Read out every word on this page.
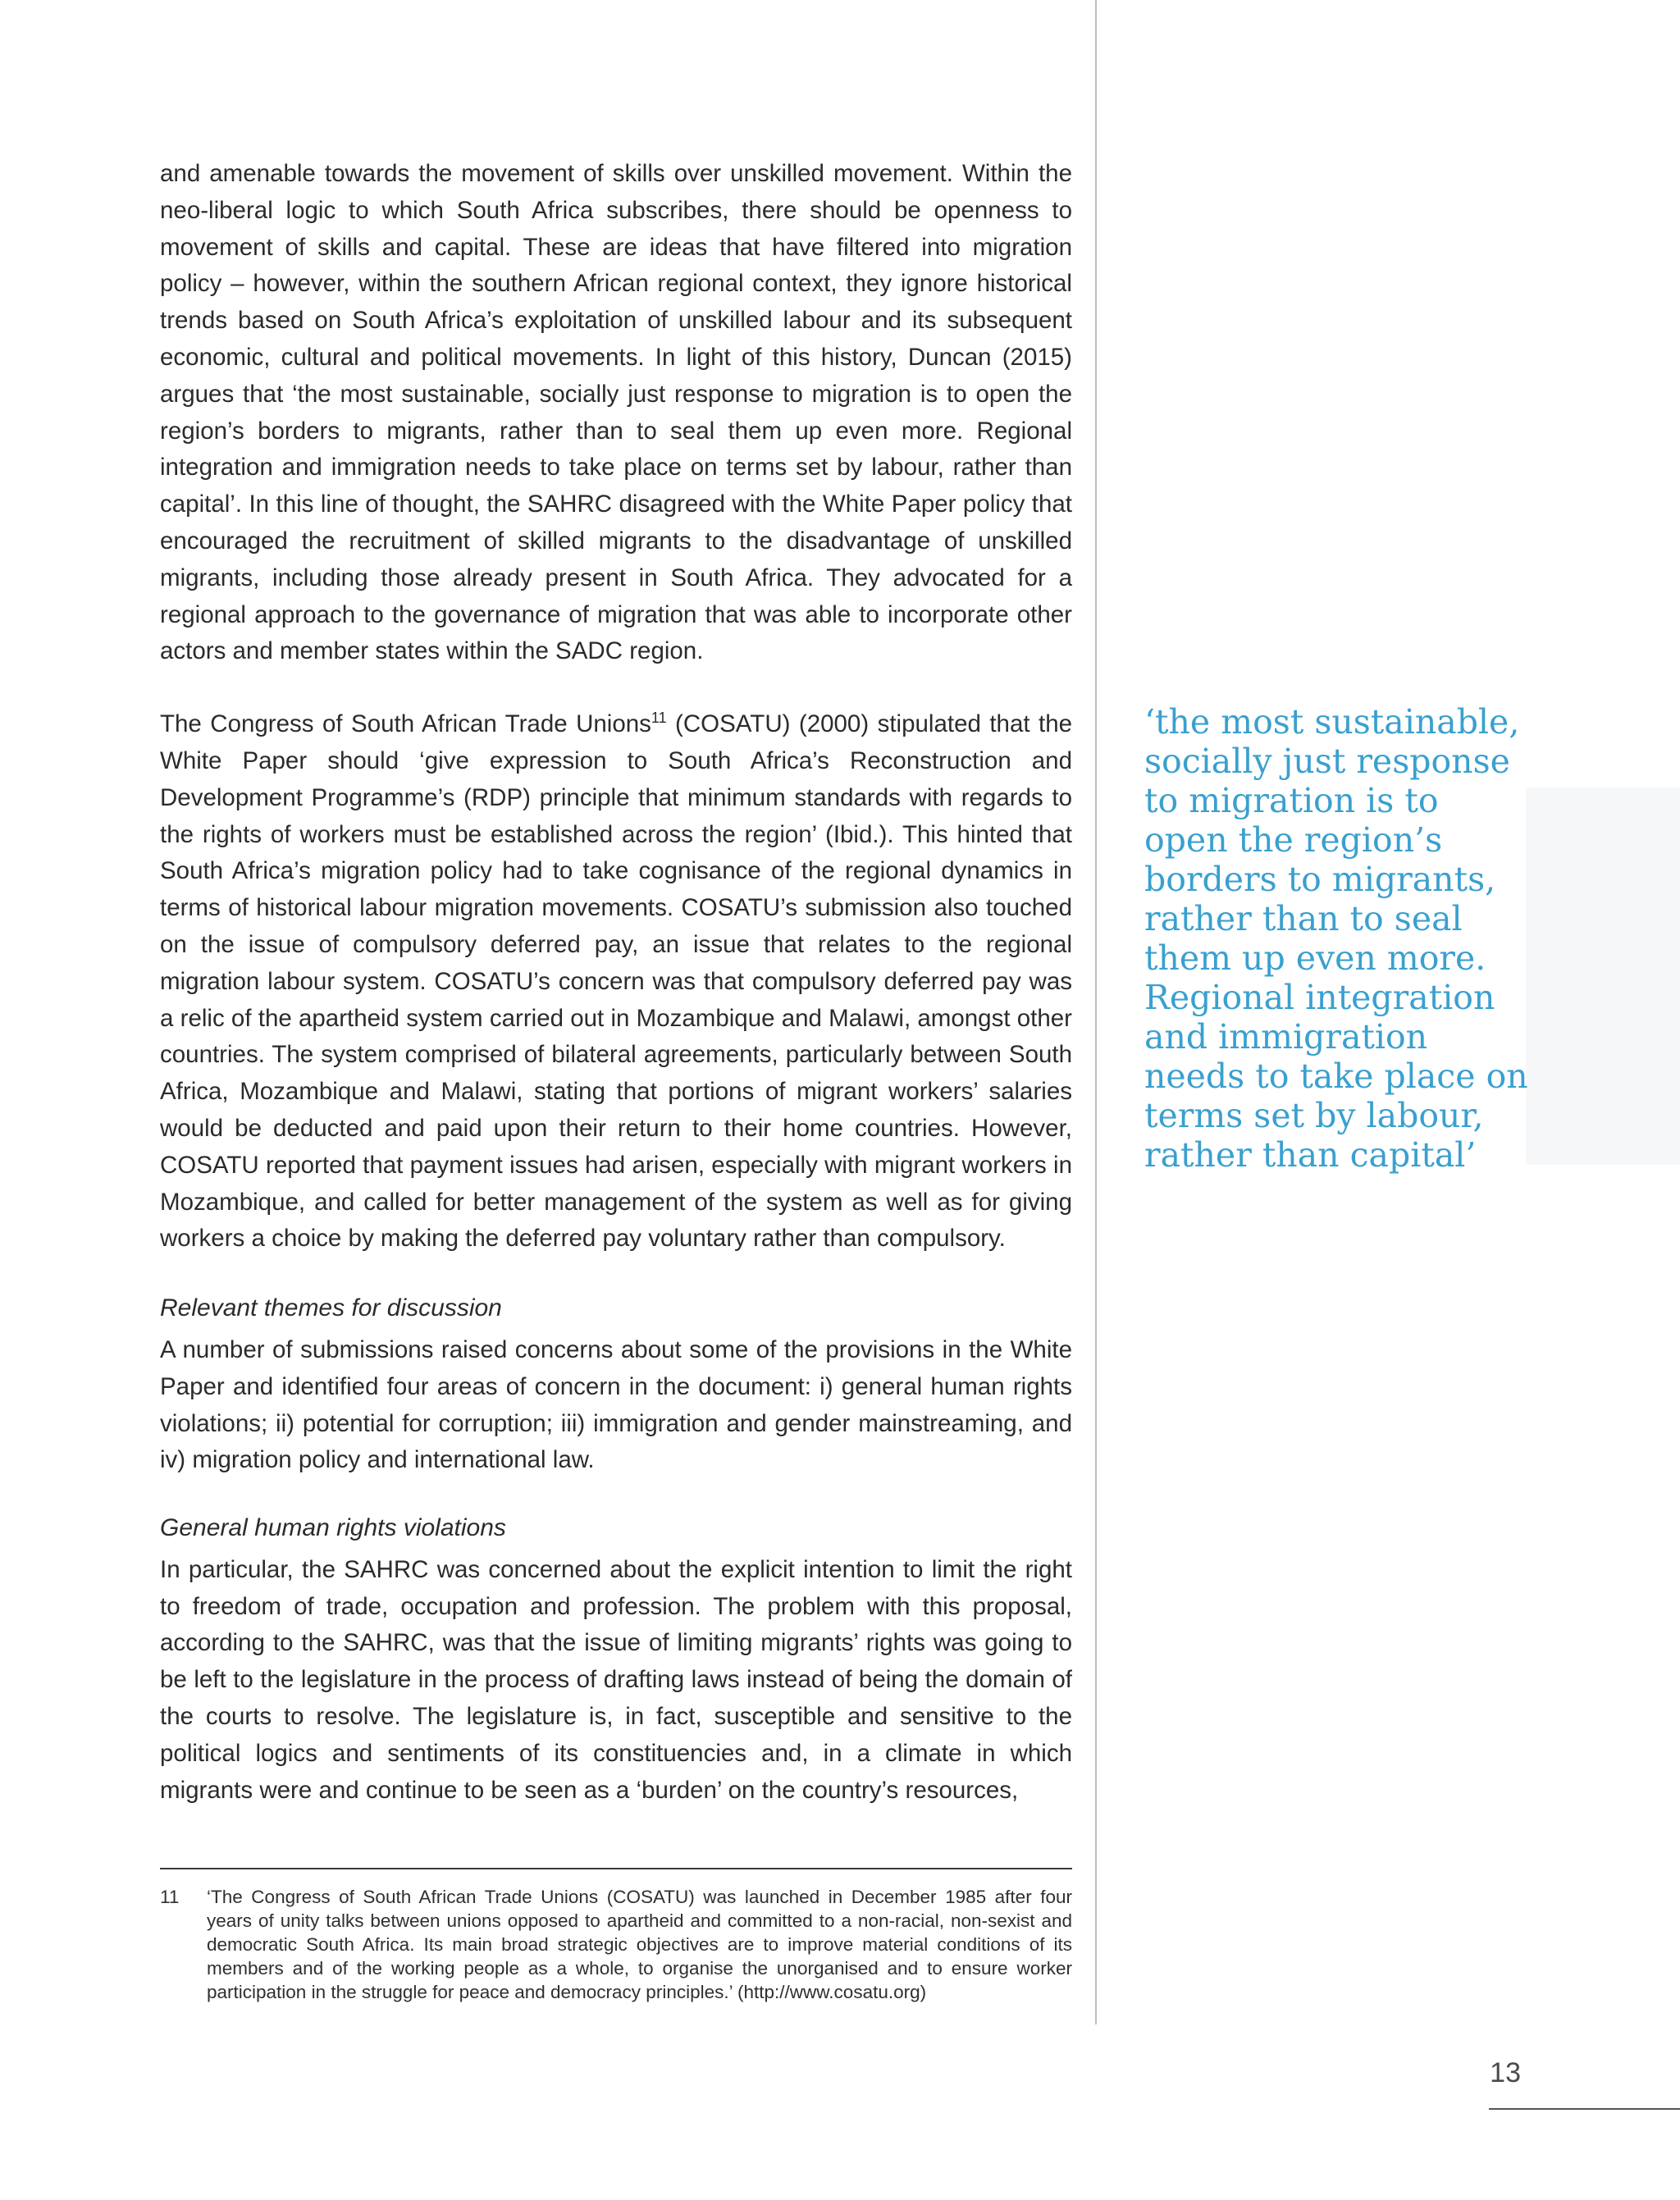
and amenable towards the movement of skills over unskilled movement. Within the neo-liberal logic to which South Africa subscribes, there should be openness to movement of skills and capital. These are ideas that have filtered into migration policy – however, within the southern African regional context, they ignore historical trends based on South Africa’s exploitation of unskilled labour and its subsequent economic, cultural and political movements. In light of this history, Duncan (2015) argues that ‘the most sustainable, socially just response to migration is to open the region’s borders to migrants, rather than to seal them up even more. Regional integration and immigration needs to take place on terms set by labour, rather than capital’. In this line of thought, the SAHRC disagreed with the White Paper policy that encouraged the recruitment of skilled migrants to the disadvantage of unskilled migrants, including those already present in South Africa. They advocated for a regional approach to the governance of migration that was able to incorporate other actors and member states within the SADC region.

The Congress of South African Trade Unions$^{11}$ (COSATU) (2000) stipulated that the White Paper should ‘give expression to South Africa’s Reconstruction and Development Programme’s (RDP) principle that minimum standards with regards to the rights of workers must be established across the region’ (Ibid.). This hinted that South Africa’s migration policy had to take cognisance of the regional dynamics in terms of historical labour migration movements. COSATU’s submission also touched on the issue of compulsory deferred pay, an issue that relates to the regional migration labour system. COSATU’s concern was that compulsory deferred pay was a relic of the apartheid system carried out in Mozambique and Malawi, amongst other countries. The system comprised of bilateral agreements, particularly between South Africa, Mozambique and Malawi, stating that portions of migrant workers’ salaries would be deducted and paid upon their return to their home countries. However, COSATU reported that payment issues had arisen, especially with migrant workers in Mozambique, and called for better management of the system as well as for giving workers a choice by making the deferred pay voluntary rather than compulsory.

Relevant themes for discussion

A number of submissions raised concerns about some of the provisions in the White Paper and identified four areas of concern in the document: i) general human rights violations; ii) potential for corruption; iii) immigration and gender mainstreaming, and iv) migration policy and international law.

General human rights violations

In particular, the SAHRC was concerned about the explicit intention to limit the right to freedom of trade, occupation and profession. The problem with this proposal, according to the SAHRC, was that the issue of limiting migrants’ rights was going to be left to the legislature in the process of drafting laws instead of being the domain of the courts to resolve. The legislature is, in fact, susceptible and sensitive to the political logics and sentiments of its constituencies and, in a climate in which migrants were and continue to be seen as a ‘burden’ on the country’s resources,

‘the most sustainable, socially just response to migration is to open the region’s borders to migrants, rather than to seal them up even more. Regional integration and immigration needs to take place on terms set by labour, rather than capital’

11	‘The Congress of South African Trade Unions (COSATU) was launched in December 1985 after four years of unity talks between unions opposed to apartheid and committed to a non-racial, non-sexist and democratic South Africa. Its main broad strategic objectives are to improve material conditions of its members and of the working people as a whole, to organise the unorganised and to ensure worker participation in the struggle for peace and democracy principles.’ (http://www.cosatu.org)
13
